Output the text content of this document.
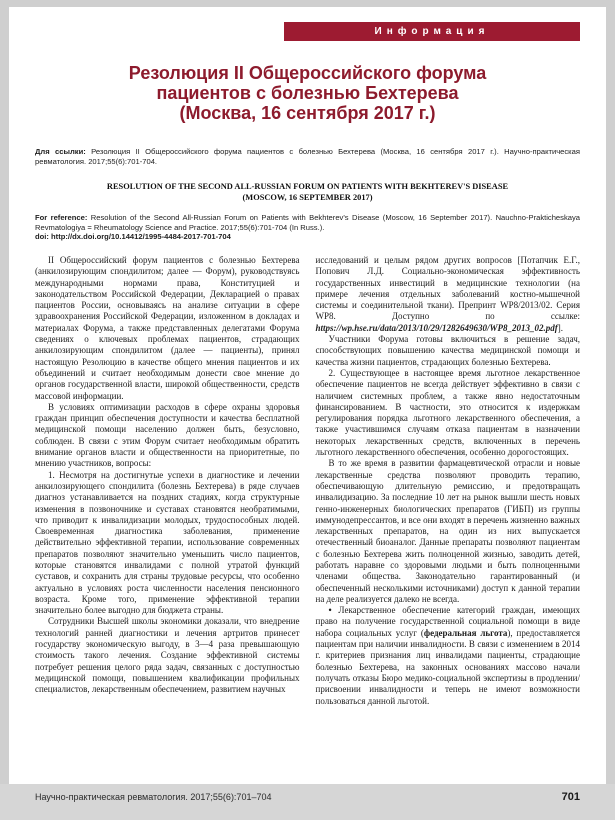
Информация
Резолюция II Общероссийского форума
пациентов с болезнью Бехтерева
(Москва, 16 сентября 2017 г.)

Для ссылки: Резолюция II Общероссийского форума пациентов с болезнью Бехтерева (Москва, 16 сентября 2017 г.). Научно-практическая ревматология. 2017;55(6):701-704.

RESOLUTION OF THE SECOND ALL-RUSSIAN FORUM ON PATIENTS WITH BEKHTEREV'S DISEASE
(MOSCOW, 16 SEPTEMBER 2017)

For reference: Resolution of the Second All-Russian Forum on Patients with Bekhterev's Disease (Moscow, 16 September 2017). Nauchno-Prakticheskaya Revmatologiya = Rheumatology Science and Practice. 2017;55(6):701-704 (In Russ.).

doi: http://dx.doi.org/10.14412/1995-4484-2017-701-704

II Общероссийский форум пациентов с болезнью Бехтерева (анкилозирующим спондилитом; далее — Форум), руководствуясь международными нормами права, Конституцией и законодательством Российской Федерации, Декларацией о правах пациентов России, основываясь на анализе ситуации в сфере здравоохранения Российской Федерации, изложенном в докладах и материалах Форума, а также представленных делегатами Форума сведениях о ключевых проблемах пациентов, страдающих анкилозирующим спондилитом (далее — пациенты), принял настоящую Резолюцию в качестве общего мнения пациентов и их объединений и считает необходимым донести свое мнение до органов государственной власти, широкой общественности, средств массовой информации.

В условиях оптимизации расходов в сфере охраны здоровья граждан принцип обеспечения доступности и качества бесплатной медицинской помощи населению должен быть, безусловно, соблюден. В связи с этим Форум считает необходимым обратить внимание органов власти и общественности на приоритетные, по мнению участников, вопросы:

1. Несмотря на достигнутые успехи в диагностике и лечении анкилозирующего спондилита (болезнь Бехтерева) в ряде случаев диагноз устанавливается на поздних стадиях, когда структурные изменения в позвоночнике и суставах становятся необратимыми, что приводит к инвалидизации молодых, трудоспособных людей. Своевременная диагностика заболевания, применение действительно эффективной терапии, использование современных препаратов позволяют значительно уменьшить число пациентов, которые становятся инвалидами с полной утратой функций суставов, и сохранить для страны трудовые ресурсы, что особенно актуально в условиях роста численности населения пенсионного возраста. Кроме того, применение эффективной терапии значительно более выгодно для бюджета страны.

Сотрудники Высшей школы экономики доказали, что внедрение технологий ранней диагностики и лечения артритов принесет государству экономическую выгоду, в 3—4 раза превышающую стоимость такого лечения. Создание эффективной системы потребует решения целого ряда задач, связанных с доступностью медицинской помощи, повышением квалификации профильных специалистов, лекарственным обеспечением, развитием научных

исследований и целым рядом других вопросов [Потапчик Е.Г., Попович Л.Д. Социально-экономическая эффективность государственных инвестиций в медицинские технологии (на примере лечения отдельных заболеваний костно-мышечной системы и соединительной ткани). Препринт WP8/2013/02. Серия WP8. Доступно по ссылке: https://wp.hse.ru/data/2013/10/29/1282649630/WP8_2013_02.pdf].

Участники Форума готовы включиться в решение задач, способствующих повышению качества медицинской помощи и качества жизни пациентов, страдающих болезнью Бехтерева.

2. Существующее в настоящее время льготное лекарственное обеспечение пациентов не всегда действует эффективно в связи с наличием системных проблем, а также явно недостаточным финансированием. В частности, это относится к издержкам регулирования порядка льготного лекарственного обеспечения, а также участившимся случаям отказа пациентам в назначении некоторых лекарственных средств, включенных в перечень льготного лекарственного обеспечения, особенно дорогостоящих.

В то же время в развитии фармацевтической отрасли и новые лекарственные средства позволяют проводить терапию, обеспечивающую длительную ремиссию, и предотвращать инвалидизацию. За последние 10 лет на рынок вышли шесть новых генно-инженерных биологических препаратов (ГИБП) из группы иммунодепрессантов, и все они входят в перечень жизненно важных лекарственных препаратов, на один из них выпускается отечественный биоаналог. Данные препараты позволяют пациентам с болезнью Бехтерева жить полноценной жизнью, заводить детей, работать наравне со здоровыми людьми и быть полноценными членами общества. Законодательно гарантированный (и обеспеченный несколькими источниками) доступ к данной терапии на деле реализуется далеко не всегда.

• Лекарственное обеспечение категорий граждан, имеющих право на получение государственной социальной помощи в виде набора социальных услуг (федеральная льгота), предоставляется пациентам при наличии инвалидности. В связи с изменением в 2014 г. критериев признания лиц инвалидами пациенты, страдающие болезнью Бехтерева, на законных основаниях массово начали получать отказы Бюро медико-социальной экспертизы в продлении/присвоении инвалидности и теперь не имеют возможности пользоваться данной льготой.

Научно-практическая ревматология. 2017;55(6):701–704	701
